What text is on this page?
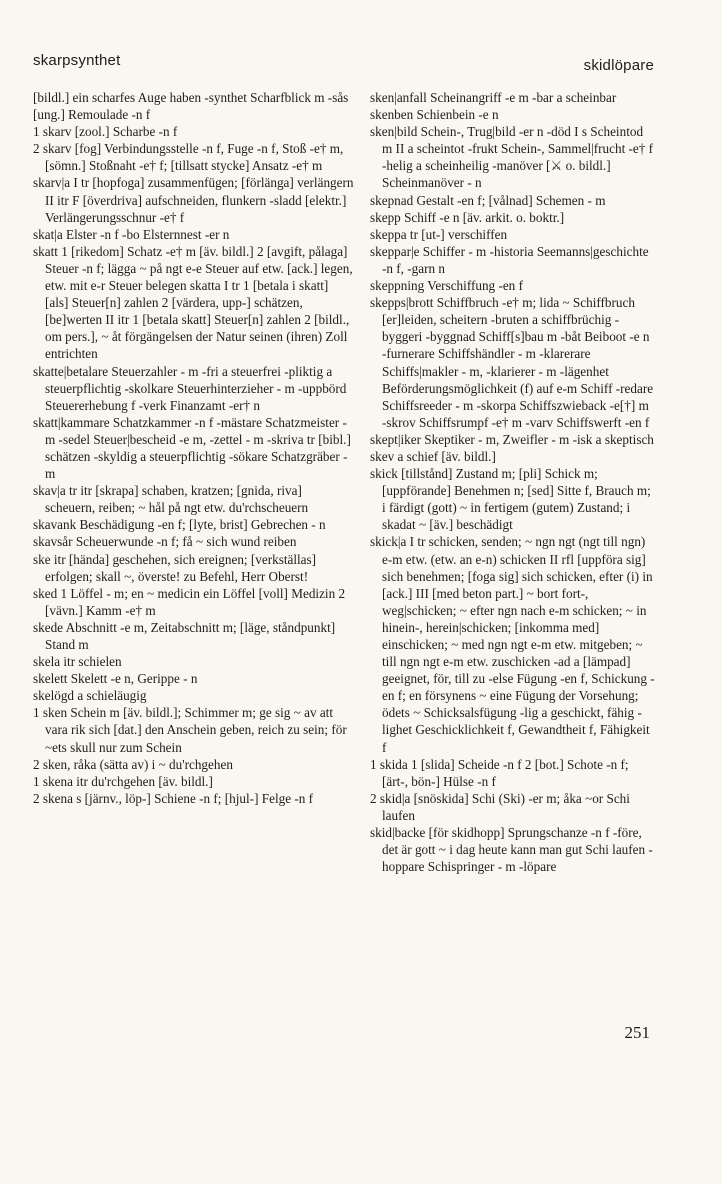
skarpsynthet	skidlöpare

[bildl.] ein scharfes Auge haben -synthet Scharfblick m -sås [ung.] Remoulade -n f

1 skarv [zool.] Scharbe -n f

2 skarv [fog] Verbindungsstelle -n f, Fuge -n f, Stoß -e† m, [sömn.] Stoßnaht -e† f; [tillsatt stycke] Ansatz -e† m

skarv|a I tr [hopfoga] zusammenfügen; [förlänga] verlängern II itr F [överdriva] aufschneiden, flunkern -sladd [elektr.] Verlängerungsschnur -e† f

skat|a Elster -n f -bo Elsternnest -er n

skatt 1 [rikedom] Schatz -e† m [äv. bildl.] 2 [avgift, pålaga] Steuer -n f; lägga ~ på ngt e-e Steuer auf etw. [ack.] legen, etw. mit e-r Steuer belegen skatta I tr 1 [betala i skatt] [als] Steuer[n] zahlen 2 [värdera, upp-] schätzen, [be]werten II itr 1 [betala skatt] Steuer[n] zahlen 2 [bildl., om pers.], ~ åt förgängelsen der Natur seinen (ihren) Zoll entrichten

skatte|betalare Steuerzahler - m -fri a steuerfrei -pliktig a steuerpflichtig -skolkare Steuerhinterzieher - m -uppbörd Steuererhebung f -verk Finanzamt -er† n

skatt|kammare Schatzkammer -n f -mästare Schatzmeister - m -sedel Steuer|bescheid -e m, -zettel - m -skriva tr [bibl.] schätzen -skyldig a steuerpflichtig -sökare Schatzgräber - m

skav|a tr itr [skrapa] schaben, kratzen; [gnida, riva] scheuern, reiben; ~ hål på ngt etw. du'rchscheuern

skavank Beschädigung -en f; [lyte, brist] Gebrechen - n

skavsår Scheuerwunde -n f; få ~ sich wund reiben

ske itr [hända] geschehen, sich ereignen; [verkställas] erfolgen; skall ~, överste! zu Befehl, Herr Oberst!

sked 1 Löffel - m; en ~ medicin ein Löffel [voll] Medizin 2 [vävn.] Kamm -e† m

skede Abschnitt -e m, Zeitabschnitt m; [läge, ståndpunkt] Stand m

skela itr schielen

skelett Skelett -e n, Gerippe - n

skelögd a schieläugig

1 sken Schein m [äv. bildl.]; Schimmer m; ge sig ~ av att vara rik sich [dat.] den Anschein geben, reich zu sein; för ~ets skull nur zum Schein

2 sken, råka (sätta av) i ~ du'rchgehen

1 skena itr du'rchgehen [äv. bildl.]

2 skena s [järnv., löp-] Schiene -n f; [hjul-] Felge -n f

sken|anfall Scheinangriff -e m -bar a scheinbar

skenben Schienbein -e n

sken|bild Schein-, Trug|bild -er n -död I s Scheintod m II a scheintot -frukt Schein-, Sammel|frucht -e† f -helig a scheinheilig -manöver [⚔ o. bildl.] Scheinmanöver - n

skepnad Gestalt -en f; [vålnad] Schemen - m

skepp Schiff -e n [äv. arkit. o. boktr.]

skeppa tr [ut-] verschiffen

skeppar|e Schiffer - m -historia Seemanns|geschichte -n f, -garn n

skeppning Verschiffung -en f

skepps|brott Schiffbruch -e† m; lida ~ Schiffbruch [er]leiden, scheitern -bruten a schiffbrüchig -byggeri -byggnad Schiff[s]bau m -båt Beiboot -e n -furnerare Schiffshändler - m -klarerare Schiffs|makler - m, -klarierer - m -lägenhet Beförderungsmöglichkeit (f) auf e-m Schiff -redare Schiffsreeder - m -skorpa Schiffszwieback -e[†] m -skrov Schiffsrumpf -e† m -varv Schiffswerft -en f

skept|iker Skeptiker - m, Zweifler - m -isk a skeptisch

skev a schief [äv. bildl.]

skick [tillstånd] Zustand m; [pli] Schick m; [uppförande] Benehmen n; [sed] Sitte f, Brauch m; i färdigt (gott) ~ in fertigem (gutem) Zustand; i skadat ~ [äv.] beschädigt

skick|a I tr schicken, senden; ~ ngn ngt (ngt till ngn) e-m etw. (etw. an e-n) schicken II rfl [uppföra sig] sich benehmen; [foga sig] sich schicken, efter (i) in [ack.] III [med beton part.] ~ bort fort-, weg|schicken; ~ efter ngn nach e-m schicken; ~ in hinein-, herein|schicken; [inkomma med] einschicken; ~ med ngn ngt e-m etw. mitgeben; ~ till ngn ngt e-m etw. zuschicken -ad a [lämpad] geeignet, för, till zu -else Fügung -en f, Schickung -en f; en försynens ~ eine Fügung der Vorsehung; ödets ~ Schicksalsfügung -lig a geschickt, fähig -lighet Geschicklichkeit f, Gewandtheit f, Fähigkeit f

1 skida 1 [slida] Scheide -n f 2 [bot.] Schote -n f; [ärt-, bön-] Hülse -n f

2 skid|a [snöskida] Schi (Ski) -er m; åka ~or Schi laufen

skid|backe [för skidhopp] Sprungschanze -n f -före, det är gott ~ i dag heute kann man gut Schi laufen -hoppare Schispringer - m -löpare

251
